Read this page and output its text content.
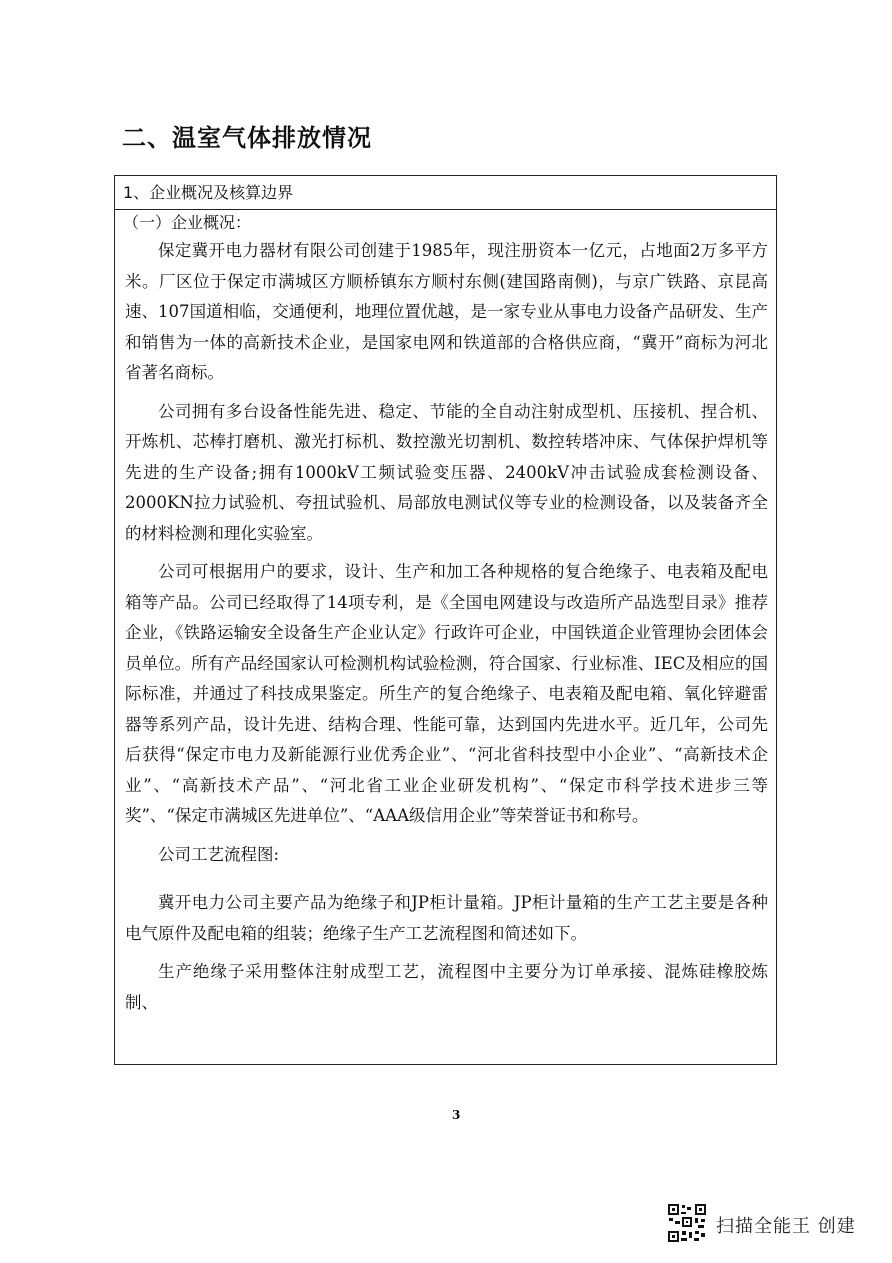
二、温室气体排放情况
1、企业概况及核算边界
（一）企业概况：

保定冀开电力器材有限公司创建于1985年，现注册资本一亿元，占地面2万多平方米。厂区位于保定市满城区方顺桥镇东方顺村东侧(建国路南侧)，与京广铁路、京昆高速、107国道相临，交通便利，地理位置优越，是一家专业从事电力设备产品研发、生产和销售为一体的高新技术企业，是国家电网和铁道部的合格供应商，“冀开”商标为河北省著名商标。

公司拥有多台设备性能先进、稳定、节能的全自动注射成型机、压接机、捏合机、开炼机、芯棒打磨机、激光打标机、数控激光切割机、数控转塔冲床、气体保护焊机等先进的生产设备;拥有1000kV工频试验变压器、2400kV冲击试验成套检测设备、2000KN拉力试验机、夸扭试验机、局部放电测试仪等专业的检测设备，以及装备齐全的材料检测和理化实验室。

公司可根据用户的要求，设计、生产和加工各种规格的复合绝缘子、电表箱及配电箱等产品。公司已经取得了14项专利，是《全国电网建设与改造所产品选型目录》推荐企业，《铁路运输安全设备生产企业认定》行政许可企业，中国铁道企业管理协会团体会员单位。所有产品经国家认可检测机构试验检测，符合国家、行业标准、IEC及相应的国际标准，并通过了科技成果鉴定。所生产的复合绝缘子、电表箱及配电箱、氧化锌避雷器等系列产品，设计先进、结构合理、性能可靠，达到国内先进水平。近几年，公司先后获得“保定市电力及新能源行业优秀企业”、“河北省科技型中小企业”、“高新技术企业”、“高新技术产品”、“河北省工业企业研发机构”、“保定市科学技术进步三等奖”、“保定市满城区先进单位”、“AAA级信用企业”等荣誉证书和称号。

公司工艺流程图:

冀开电力公司主要产品为绝缘子和JP柜计量箱。JP柜计量箱的生产工艺主要是各种电气原件及配电箱的组装；绝缘子生产工艺流程图和简述如下。

生产绝缘子采用整体注射成型工艺，流程图中主要分为订单承接、混炼硅橡胶炼制、

3
扫描全能王 创建
